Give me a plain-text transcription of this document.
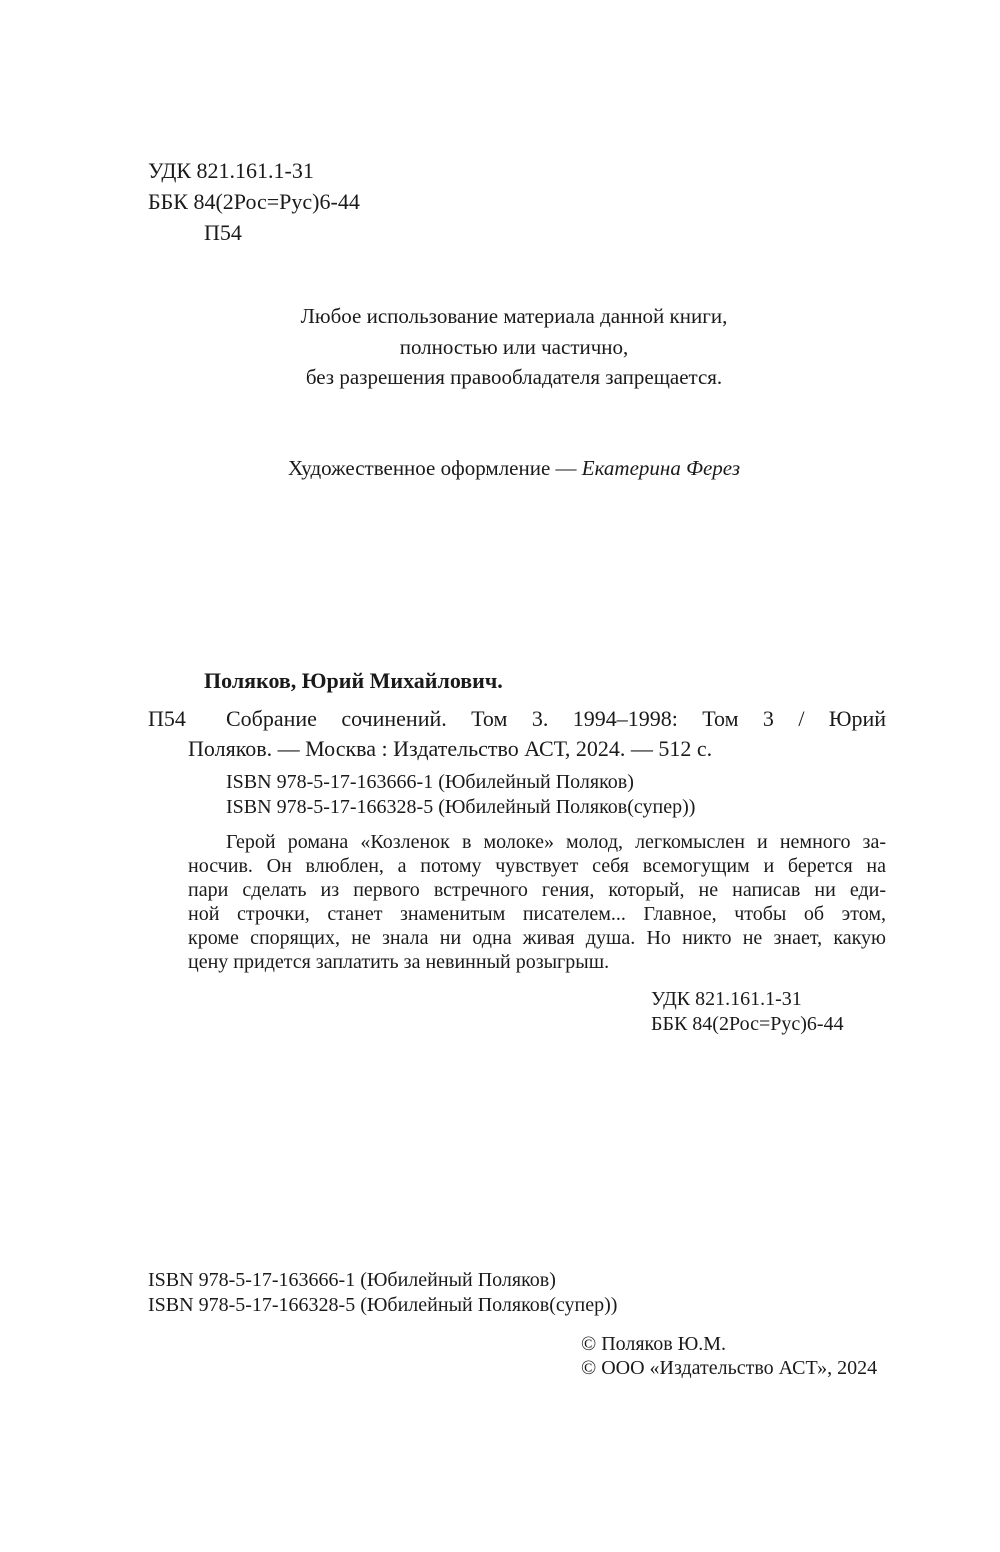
УДК 821.161.1-31
ББК 84(2Рос=Рус)6-44
П54
Любое использование материала данной книги,
полностью или частично,
без разрешения правообладателя запрещается.
Художественное оформление — Екатерина Ферез
Поляков, Юрий Михайлович.
П54 Собрание сочинений. Том 3. 1994–1998: Том 3 / Юрий
Поляков. — Москва : Издательство АСТ, 2024. — 512 с.
ISBN 978-5-17-163666-1 (Юбилейный Поляков)
ISBN 978-5-17-166328-5 (Юбилейный Поляков(супер))
Герой романа «Козленок в молоке» молод, легкомыслен и немного за-
носчив. Он влюблен, а потому чувствует себя всемогущим и берется на
пари сделать из первого встречного гения, который, не написав ни еди-
ной строчки, станет знаменитым писателем... Главное, чтобы об этом,
кроме спорящих, не знала ни одна живая душа. Но никто не знает, какую
цену придется заплатить за невинный розыгрыш.
УДК 821.161.1-31
ББК 84(2Рос=Рус)6-44
ISBN 978-5-17-163666-1 (Юбилейный Поляков)
ISBN 978-5-17-166328-5 (Юбилейный Поляков(супер))
© Поляков Ю.М.
© ООО «Издательство АСТ», 2024
